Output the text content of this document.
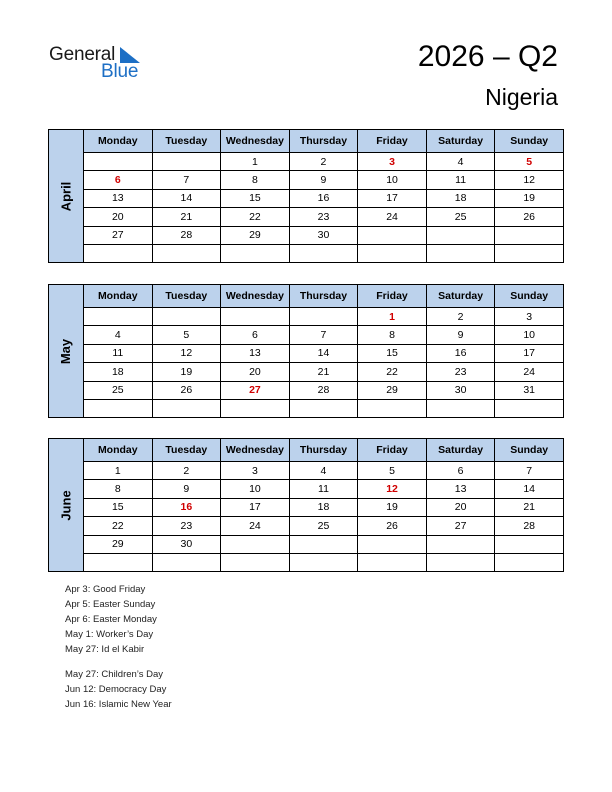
General
Blue	2026 – Q2
Nigeria
April	Monday	Tuesday	Wednesday	Thursday	Friday	Saturday	Sunday
			1	2	3	4	5
	6	7	8	9	10	11	12
	13	14	15	16	17	18	19
	20	21	22	23	24	25	26
	27	28	29	30			

May	Monday	Tuesday	Wednesday	Thursday	Friday	Saturday	Sunday
					1	2	3
	4	5	6	7	8	9	10
	11	12	13	14	15	16	17
	18	19	20	21	22	23	24
	25	26	27	28	29	30	31

June	Monday	Tuesday	Wednesday	Thursday	Friday	Saturday	Sunday
	1	2	3	4	5	6	7
	8	9	10	11	12	13	14
	15	16	17	18	19	20	21
	22	23	24	25	26	27	28
	29	30					

Apr 3: Good Friday
Apr 5: Easter Sunday
Apr 6: Easter Monday
May 1: Worker’s Day
May 27: Id el Kabir
May 27: Children’s Day
Jun 12: Democracy Day
Jun 16: Islamic New Year
